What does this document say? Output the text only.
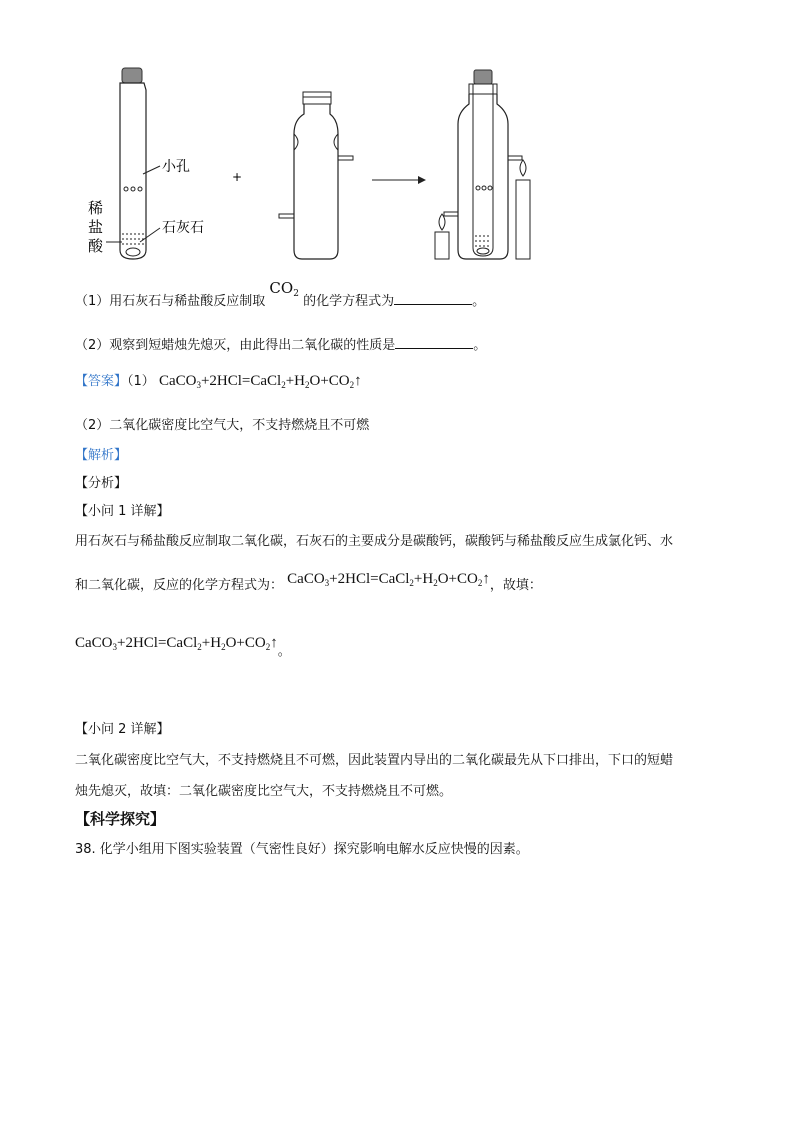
小孔
石灰石
稀
盐
酸
+
（1）用石灰石与稀盐酸反应制取 $CO_2$ 的化学方程式为	。
（2）观察到短蜡烛先熄灭，由此得出二氧化碳的性质是	。
【答案】（1） $CaCO_3+2HCl=CaCl_2+H_2O+CO_2↑$
（2）二氧化碳密度比空气大，不支持燃烧且不可燃
【解析】
【分析】
【小问 1 详解】
用石灰石与稀盐酸反应制取二氧化碳，石灰石的主要成分是碳酸钙，碳酸钙与稀盐酸反应生成氯化钙、水
和二氧化碳，反应的化学方程式为： $CaCO_3+2HCl=CaCl_2+H_2O+CO_2↑$，故填：
$CaCO_3+2HCl=CaCl_2+H_2O+CO_2↑$。
【小问 2 详解】
二氧化碳密度比空气大，不支持燃烧且不可燃，因此装置内导出的二氧化碳最先从下口排出，下口的短蜡
烛先熄灭，故填：二氧化碳密度比空气大，不支持燃烧且不可燃。
【科学探究】
38. 化学小组用下图实验装置（气密性良好）探究影响电解水反应快慢的因素。
